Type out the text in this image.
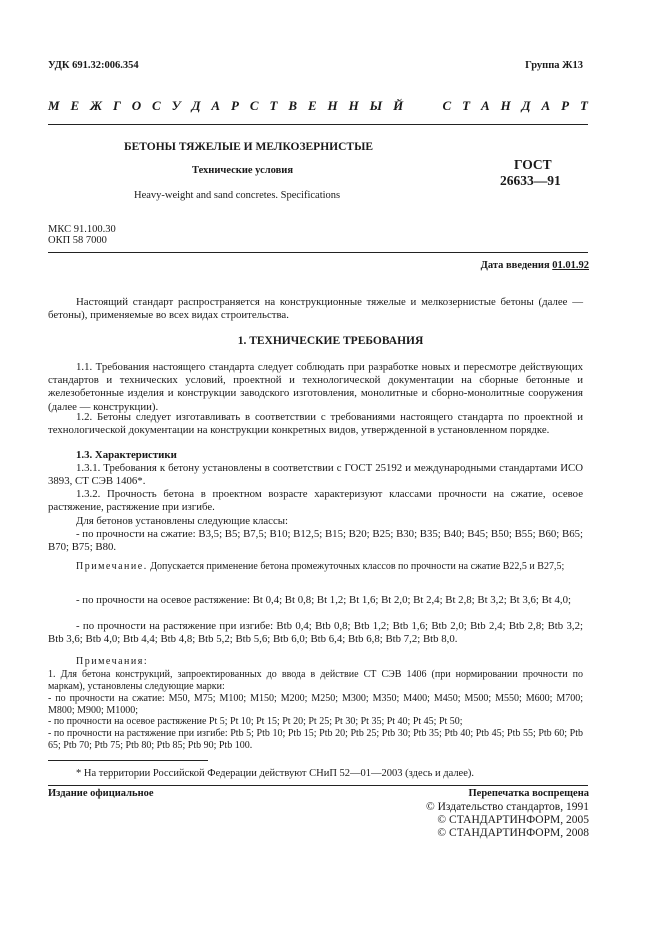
УДК 691.32:006.354	Группа Ж13
М Е Ж Г О С У Д А Р С Т В Е Н Н Ы Й

	С Т А Н Д А Р Т
БЕТОНЫ ТЯЖЕЛЫЕ И МЕЛКОЗЕРНИСТЫЕ
Технические условия
Heavy-weight and sand concretes. Specifications
ГОСТ
26633—91
МКС 91.100.30
ОКП 58 7000
Дата введения 01.01.92
Настоящий стандарт распространяется на конструкционные тяжелые и мелкозернистые бетоны (далее — бетоны), применяемые во всех видах строительства.
1. ТЕХНИЧЕСКИЕ ТРЕБОВАНИЯ
1.1. Требования настоящего стандарта следует соблюдать при разработке новых и пересмотре действующих стандартов и технических условий, проектной и технологической документации на сборные бетонные и железобетонные изделия и конструкции заводского изготовления, монолитные и сборно-монолитные сооружения (далее — конструкции).
1.2. Бетоны следует изготавливать в соответствии с требованиями настоящего стандарта по проектной и технологической документации на конструкции конкретных видов, утвержденной в установленном порядке.
1.3. Характеристики
1.3.1. Требования к бетону установлены в соответствии с ГОСТ 25192 и международными стандартами ИСО 3893, СТ СЭВ 1406*.
1.3.2. Прочность бетона в проектном возрасте характеризуют классами прочности на сжатие, осевое растяжение, растяжение при изгибе.
Для бетонов установлены следующие классы:
- по прочности на сжатие: В3,5; В5; В7,5; В10; В12,5; В15; В20; В25; В30; В35; В40; В45; В50; В55; В60; В65; В70; В75; В80.
Примечание. Допускается применение бетона промежуточных классов по прочности на сжатие В22,5 и В27,5;
- по прочности на осевое растяжение: Bt 0,4; Bt 0,8; Bt 1,2; Bt 1,6; Bt 2,0; Bt 2,4; Bt 2,8; Bt 3,2; Bt 3,6; Bt 4,0;
- по прочности на растяжение при изгибе: Btb 0,4; Btb 0,8; Btb 1,2; Btb 1,6; Btb 2,0; Btb 2,4; Btb 2,8; Btb 3,2; Btb 3,6; Btb 4,0; Btb 4,4; Btb 4,8; Btb 5,2; Btb 5,6; Btb 6,0; Btb 6,4; Btb 6,8; Btb 7,2; Btb 8,0.
Примечания:
1. Для бетона конструкций, запроектированных до ввода в действие СТ СЭВ 1406 (при нормировании прочности по маркам), установлены следующие марки:
- по прочности на сжатие: М50, М75; М100; М150; М200; М250; М300; М350; М400; М450; М500; М550; М600; М700; М800; М900; М1000;
- по прочности на осевое растяжение Pt 5; Pt 10; Pt 15; Pt 20; Pt 25; Pt 30; Pt 35; Pt 40; Pt 45; Pt 50;
- по прочности на растяжение при изгибе: Ptb 5; Ptb 10; Ptb 15; Ptb 20; Ptb 25; Ptb 30; Ptb 35; Ptb 40; Ptb 45; Ptb 55; Ptb 60; Ptb 65; Ptb 70; Ptb 75; Ptb 80; Ptb 85; Ptb 90; Ptb 100.
* На территории Российской Федерации действуют СНиП 52—01—2003 (здесь и далее).
Издание официальное	Перепечатка воспрещена
© Издательство стандартов, 1991
© СТАНДАРТИНФОРМ, 2005
© СТАНДАРТИНФОРМ, 2008
